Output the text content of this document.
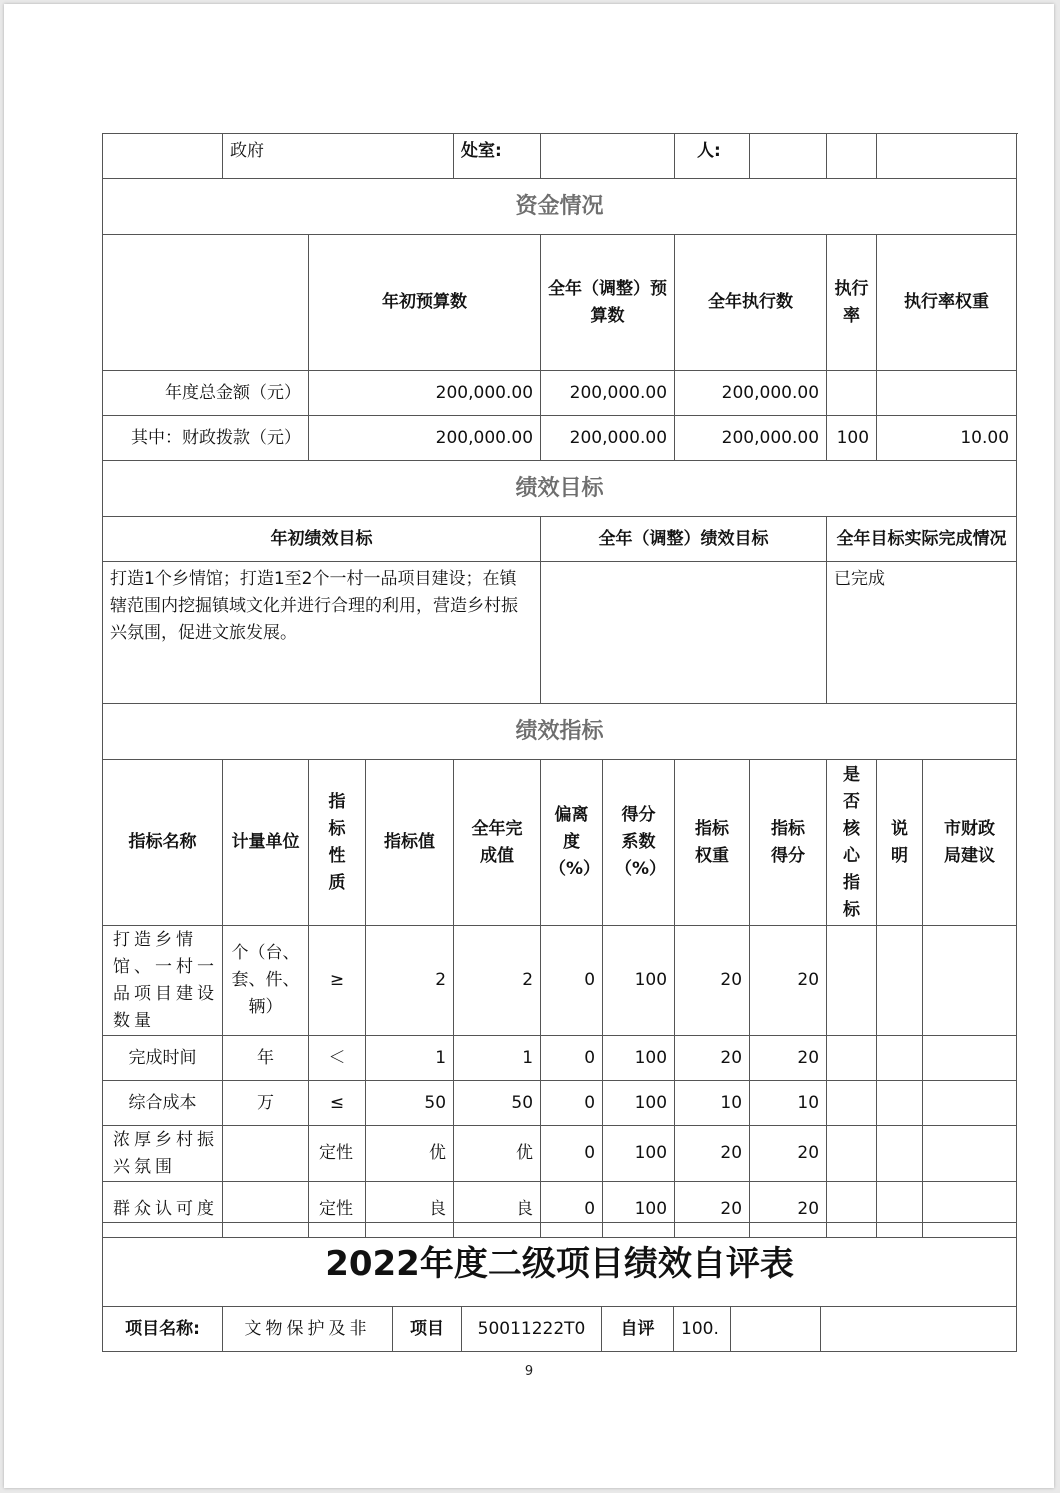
	政府			处室:			人:					
资金情况												
		年初预算数			全年（调整）预算数		全年执行数		执行率	执行率权重	
年度总金额（元）		200,000.00			200,000.00		200,000.00					
其中：财政拨款（元）		200,000.00			200,000.00		200,000.00		100	10.00	
绩效目标												
年初绩效目标					全年（调整）绩效目标				全年目标实际完成情况			
打造1个乡情馆；打造1至2个一村一品项目建设；在镇辖范围内挖掘镇域文化并进行合理的利用，营造乡村振兴氛围，促进文旅发展。									已完成			
绩效指标												
指标名称	计量单位	指标性质	指标值	全年完成值	偏离度（%）	得分系数（%）	指标权重	指标得分	是否核心指标	说明	市财政局建议	
打造乡情馆、一村一品项目建设数量	个（台、套、件、辆）	≥	2	2	0	100	20	20				
完成时间	年	＜	1	1	0	100	20	20				
综合成本	万	≤	50	50	0	100	10	10				
浓厚乡村振兴氛围		定性	优	优	0	100	20	20				
群众认可度		定性	良	良	0	100	20	20				
2022年度二级项目绩效自评表
项目名称:	文物保护及非	项目	50011222T0	自评	100.		
9
